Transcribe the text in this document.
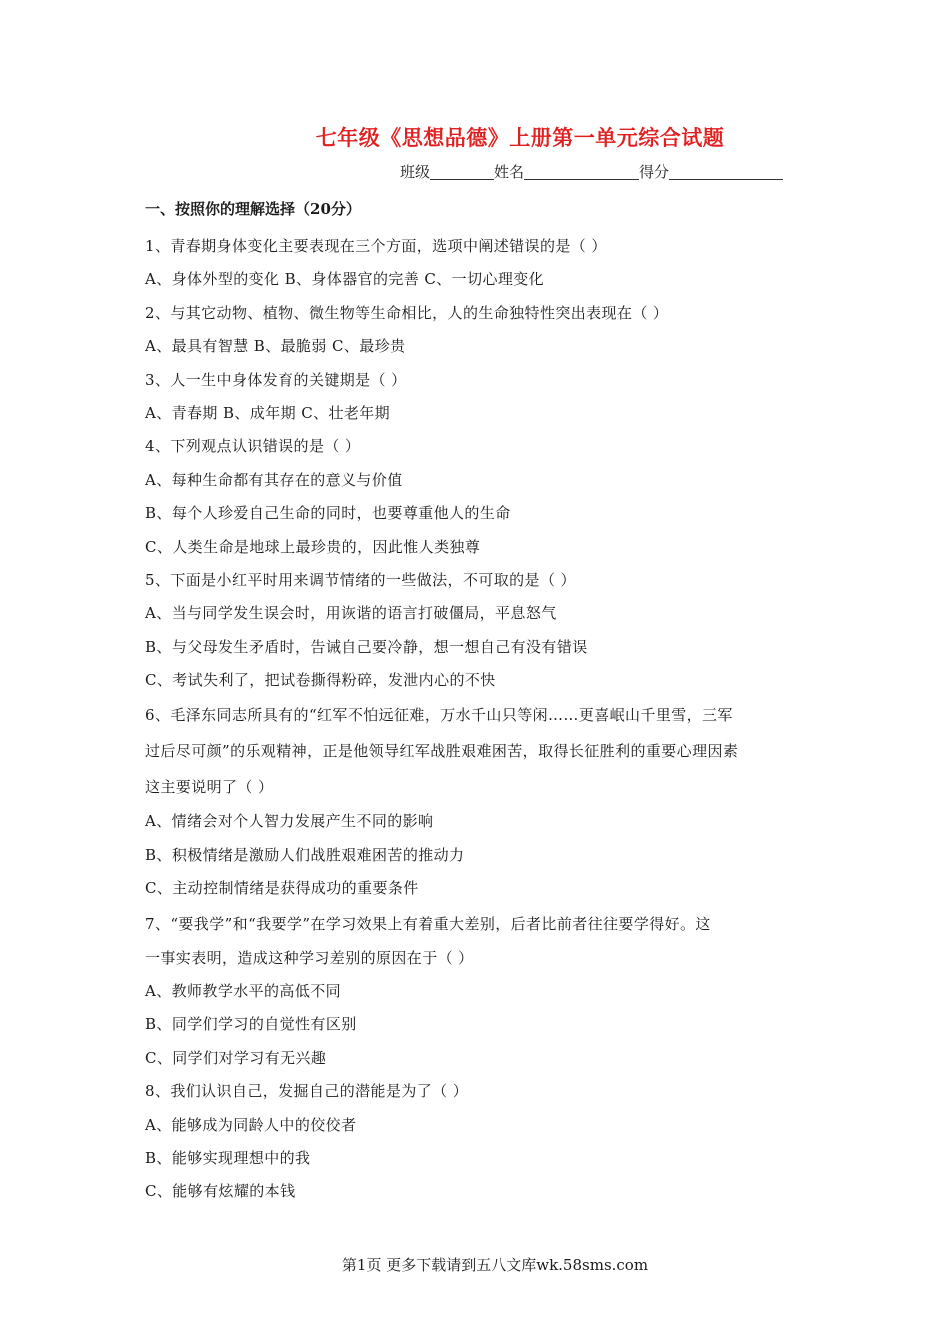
七年级《思想品德》上册第一单元综合试题
班级	姓名	得分
一、按照你的理解选择（20分）
1、青春期身体变化主要表现在三个方面，选项中阐述错误的是（ ）
A、身体外型的变化 B、身体器官的完善 C、一切心理变化
2、与其它动物、植物、微生物等生命相比，人的生命独特性突出表现在（ ）
A、最具有智慧 B、最脆弱 C、最珍贵
3、人一生中身体发育的关键期是（ ）
A、青春期 B、成年期 C、壮老年期
4、下列观点认识错误的是（ ）
A、每种生命都有其存在的意义与价值
B、每个人珍爱自己生命的同时，也要尊重他人的生命
C、人类生命是地球上最珍贵的，因此惟人类独尊
5、下面是小红平时用来调节情绪的一些做法，不可取的是（ ）
A、当与同学发生误会时，用诙谐的语言打破僵局，平息怒气
B、与父母发生矛盾时，告诫自己要冷静，想一想自己有没有错误
C、考试失利了，把试卷撕得粉碎，发泄内心的不快
6、毛泽东同志所具有的“红军不怕远征难，万水千山只等闲……更喜岷山千里雪，三军
过后尽可颜”的乐观精神，正是他领导红军战胜艰难困苦，取得长征胜利的重要心理因素
这主要说明了（ ）
A、情绪会对个人智力发展产生不同的影响
B、积极情绪是激励人们战胜艰难困苦的推动力
C、主动控制情绪是获得成功的重要条件
7、“要我学”和“我要学”在学习效果上有着重大差别，后者比前者往往要学得好。这
一事实表明，造成这种学习差别的原因在于（ ）
A、教师教学水平的高低不同
B、同学们学习的自觉性有区别
C、同学们对学习有无兴趣
8、我们认识自己，发掘自己的潜能是为了（ ）
A、能够成为同龄人中的佼佼者
B、能够实现理想中的我
C、能够有炫耀的本钱
第1页 更多下载请到五八文库wk.58sms.com
